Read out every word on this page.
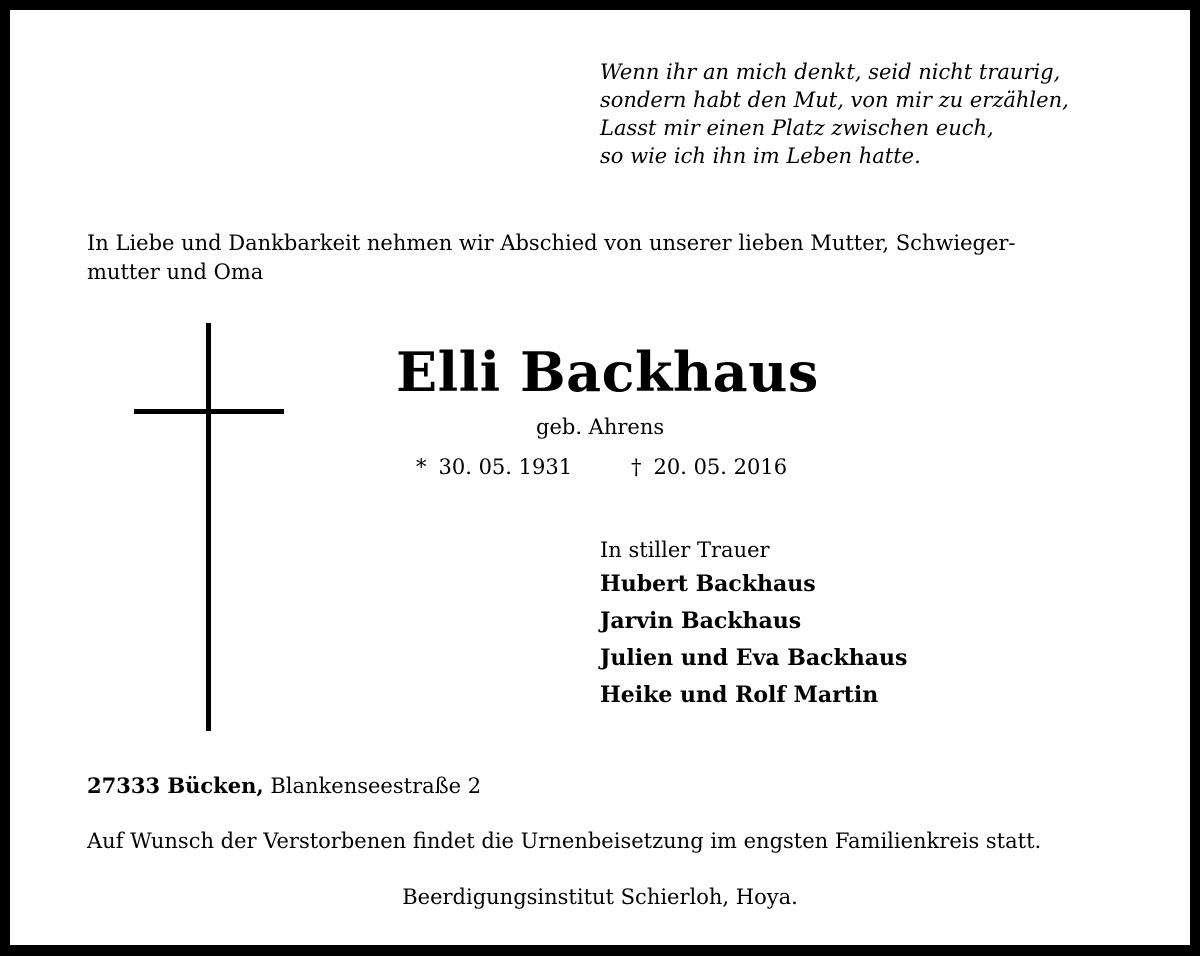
Wenn ihr an mich denkt, seid nicht traurig,
sondern habt den Mut, von mir zu erzählen,
Lasst mir einen Platz zwischen euch,
so wie ich ihn im Leben hatte.
In Liebe und Dankbarkeit nehmen wir Abschied von unserer lieben Mutter, Schwieger-
mutter und Oma
Elli Backhaus
geb. Ahrens
* 30. 05. 1931	† 20. 05. 2016
In stiller Trauer
Hubert Backhaus
Jarvin Backhaus
Julien und Eva Backhaus
Heike und Rolf Martin
27333 Bücken, Blankenseestraße 2
Auf Wunsch der Verstorbenen findet die Urnenbeisetzung im engsten Familienkreis statt.
Beerdigungsinstitut Schierloh, Hoya.
